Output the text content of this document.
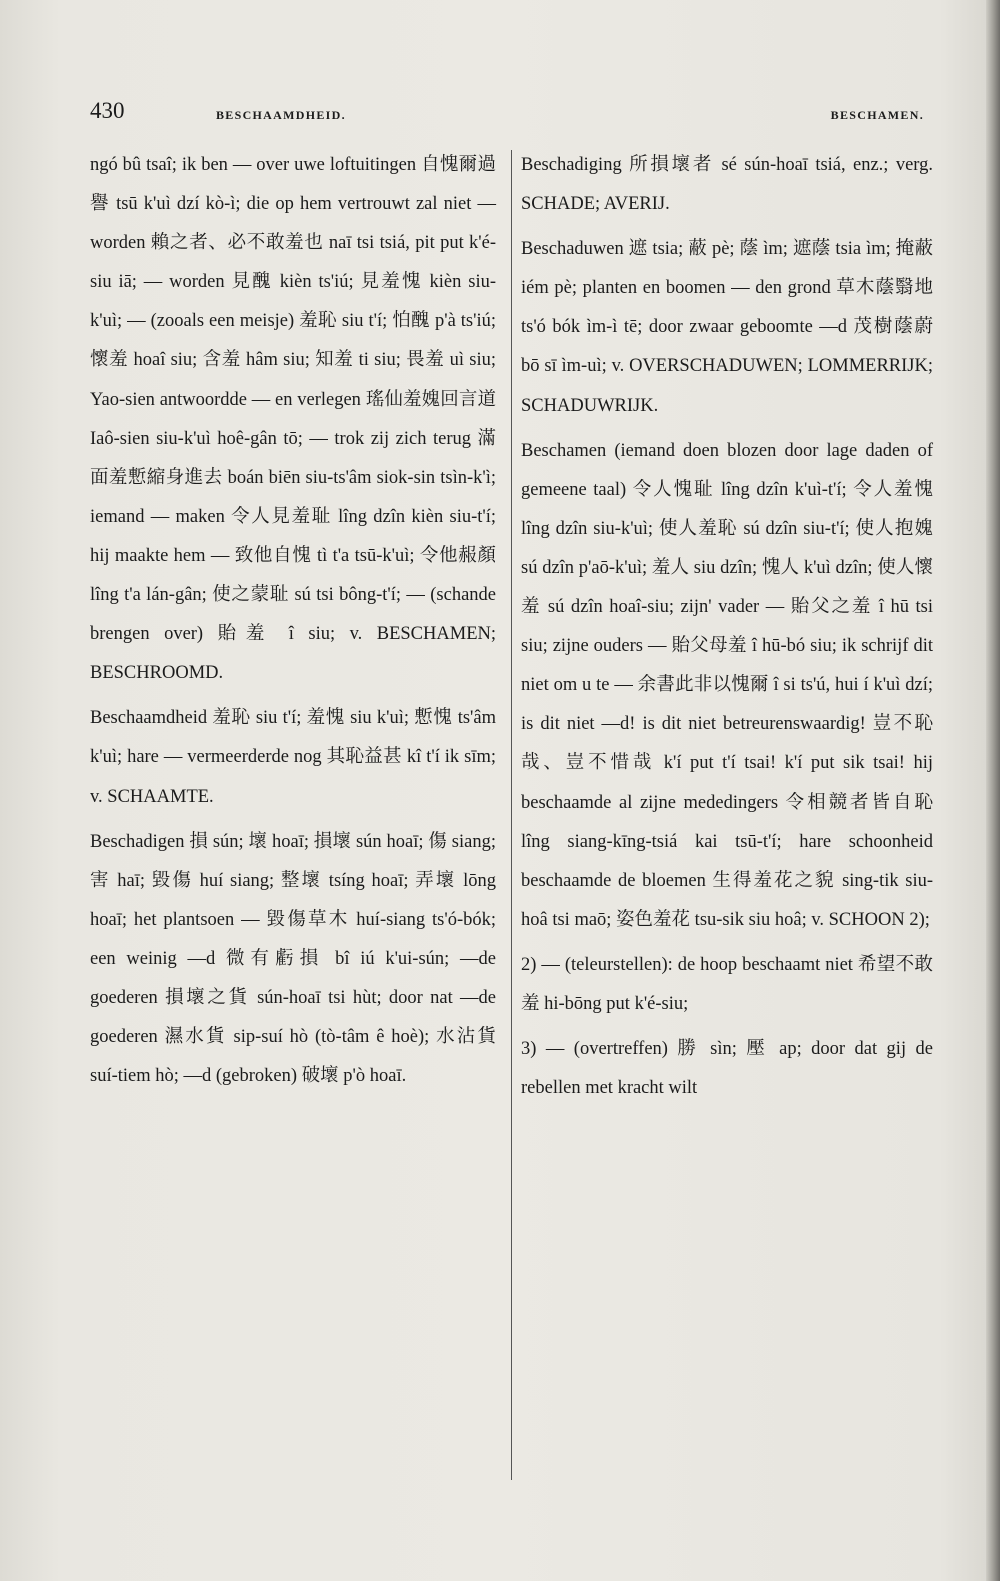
430	BESCHAAMDHEID.	BESCHAMEN.

ngó bû tsaî; ik ben — over uwe loftuitingen 自愧爾過譽 tsū k'uì dzí kò-ì; die op hem vertrouwt zal niet — worden 賴之者、必不敢羞也 naī tsi tsiá, pit put k'é-siu iā; — worden 見醜 kièn ts'iú; 見羞愧 kièn siu-k'uì; — (zooals een meisje) 羞恥 siu t'í; 怕醜 p'à ts'iú; 懷羞 hoaî siu; 含羞 hâm siu; 知羞 ti siu; 畏羞 uì siu; Yao-sien antwoordde — en verlegen 瑤仙羞媿回言道 Iaô-sien siu-k'uì hoê-gân tō; — trok zij zich terug 滿面羞慙縮身進去 boán biēn siu-ts'âm siok-sin tsìn-k'ì; iemand — maken 令人見羞耻 lîng dzîn kièn siu-t'í; hij maakte hem — 致他自愧 tì t'a tsū-k'uì; 令他赧顏 lîng t'a lán-gân; 使之蒙耻 sú tsi bông-t'í; — (schande brengen over) 貽羞 î siu; v. BESCHAMEN; BESCHROOMD.

Beschaamdheid 羞恥 siu t'í; 羞愧 siu k'uì; 慙愧 ts'âm k'uì; hare — vermeerderde nog 其恥益甚 kî t'í ik sīm; v. SCHAAMTE.

Beschadigen 損 sún; 壞 hoaī; 損壞 sún hoaī; 傷 siang; 害 haī; 毀傷 huí siang; 整壞 tsíng hoaī; 弄壞 lōng hoaī; het plantsoen — 毀傷草木 huí-siang ts'ó-bók; een weinig —d 微有虧損 bî iú k'ui-sún; —de goederen 損壞之貨 sún-hoaī tsi hùt; door nat —de goederen 濕水貨 sip-suí hò (tò-tâm ê hoè); 水沾貨 suí-tiem hò; —d (gebroken) 破壞 p'ò hoaī.

Beschadiging 所損壞者 sé sún-hoaī tsiá, enz.; verg. SCHADE; AVERIJ.

Beschaduwen 遮 tsia; 蔽 pè; 蔭 ìm; 遮蔭 tsia ìm; 掩蔽 iém pè; planten en boomen — den grond 草木蔭翳地 ts'ó bók ìm-ì tē; door zwaar geboomte —d 茂樹蔭蔚 bō sī ìm-uì; v. OVERSCHADUWEN; LOMMERRIJK; SCHADUWRIJK.

Beschamen (iemand doen blozen door lage daden of gemeene taal) 令人愧耻 lîng dzîn k'uì-t'í; 令人羞愧 lîng dzîn siu-k'uì; 使人羞恥 sú dzîn siu-t'í; 使人抱媿 sú dzîn p'aō-k'uì; 羞人 siu dzîn; 愧人 k'uì dzîn; 使人懷羞 sú dzîn hoaî-siu; zijn' vader — 貽父之羞 î hū tsi siu; zijne ouders — 貽父母羞 î hū-bó siu; ik schrijf dit niet om u te — 余書此非以愧爾 î si ts'ú, hui í k'uì dzí; is dit niet —d! is dit niet betreurenswaardig! 豈不恥哉、豈不惜哉 k'í put t'í tsai! k'í put sik tsai! hij beschaamde al zijne mededingers 令相競者皆自恥 lîng siang-kīng-tsiá kai tsū-t'í; hare schoonheid beschaamde de bloemen 生得羞花之貌 sing-tik siu-hoâ tsi maō; 姿色羞花 tsu-sik siu hoâ; v. SCHOON 2);

2) — (teleurstellen): de hoop beschaamt niet 希望不敢羞 hi-bōng put k'é-siu;

3) — (overtreffen) 勝 sìn; 壓 ap; door dat gij de rebellen met kracht wilt
